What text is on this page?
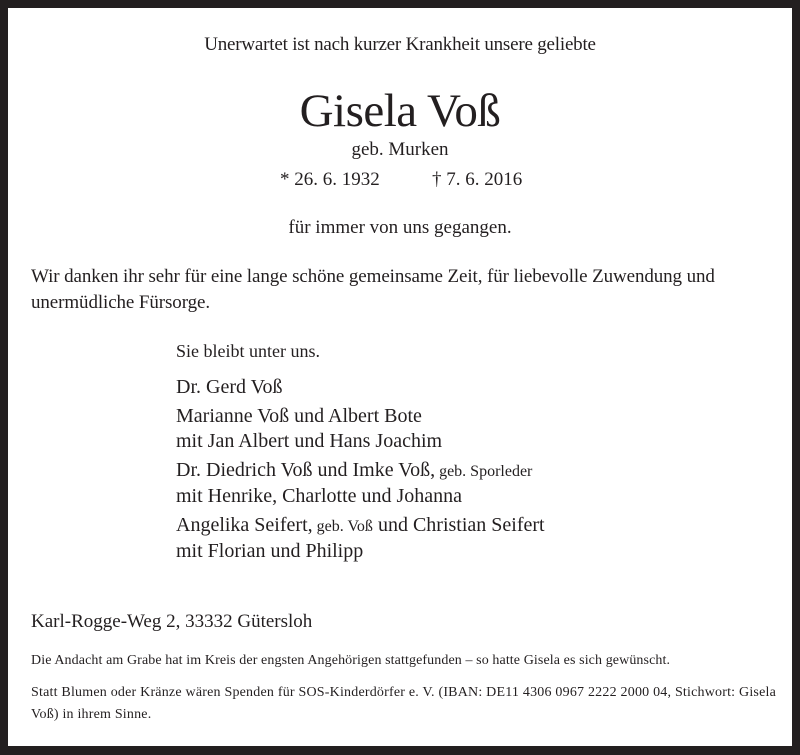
Unerwartet ist nach kurzer Krankheit unsere geliebte
Gisela Voß
geb. Murken
* 26. 6. 1932	† 7. 6. 2016
für immer von uns gegangen.
Wir danken ihr sehr für eine lange schöne gemeinsame Zeit, für liebevolle Zuwendung und unermüdliche Fürsorge.
Sie bleibt unter uns.
Dr. Gerd Voß
Marianne Voß und Albert Bote
mit Jan Albert und Hans Joachim
Dr. Diedrich Voß und Imke Voß, geb. Sporleder
mit Henrike, Charlotte und Johanna
Angelika Seifert, geb. Voß und Christian Seifert
mit Florian und Philipp
Karl-Rogge-Weg 2, 33332 Gütersloh
Die Andacht am Grabe hat im Kreis der engsten Angehörigen stattgefunden – so hatte Gisela es sich gewünscht.
Statt Blumen oder Kränze wären Spenden für SOS-Kinderdörfer e. V. (IBAN: DE11 4306 0967 2222 2000 04, Stichwort: Gisela Voß) in ihrem Sinne.
